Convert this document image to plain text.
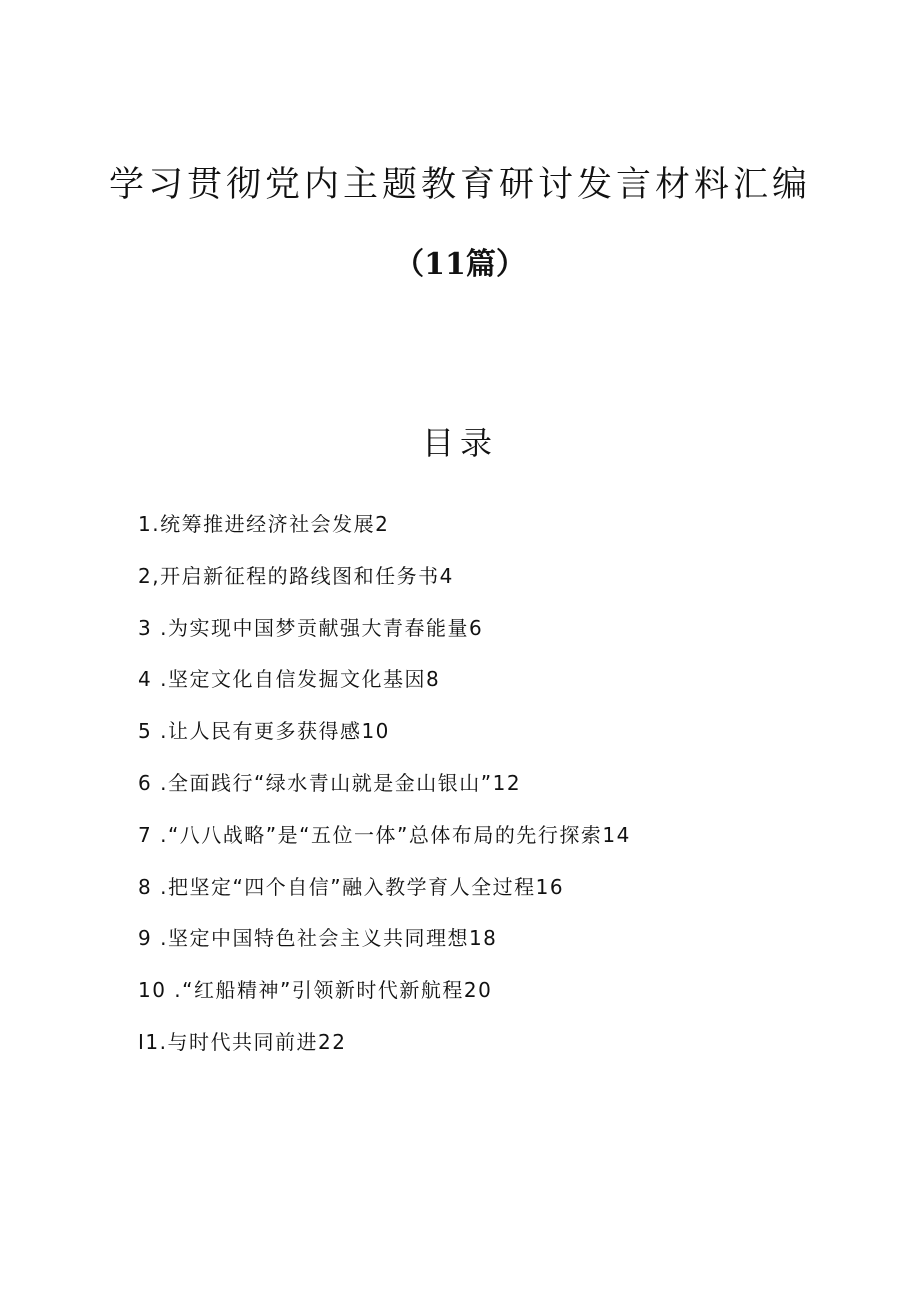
学习贯彻党内主题教育研讨发言材料汇编
（11篇）
目录
1.统筹推进经济社会发展2
2,开启新征程的路线图和任务书4
3 .为实现中国梦贡献强大青春能量6
4 .坚定文化自信发掘文化基因8
5 .让人民有更多获得感10
6 .全面践行“绿水青山就是金山银山”12
7 .“八八战略”是“五位一体”总体布局的先行探索14
8 .把坚定“四个自信”融入教学育人全过程16
9 .坚定中国特色社会主义共同理想18
10 .“红船精神”引领新时代新航程20
I1.与时代共同前进22
